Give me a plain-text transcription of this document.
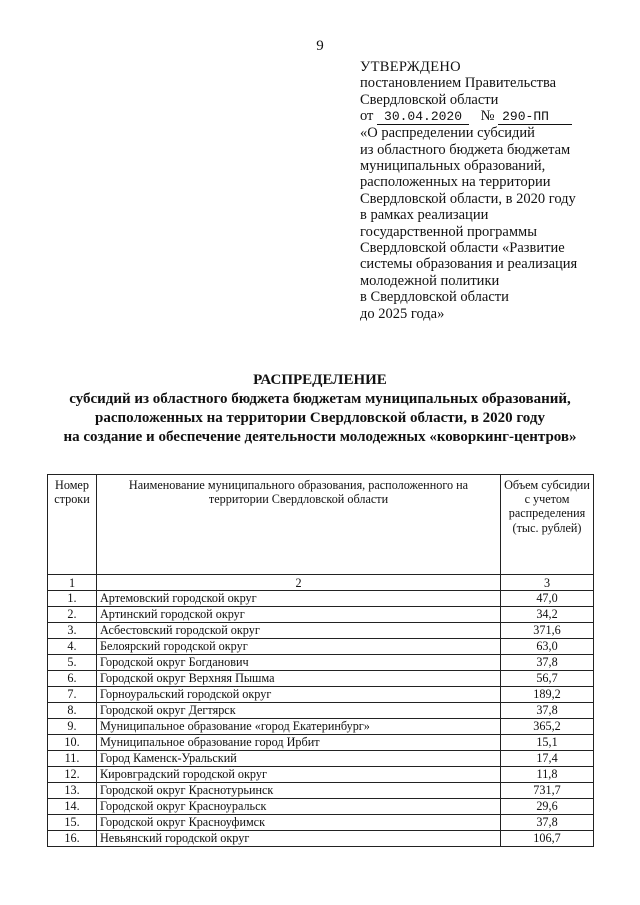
9
УТВЕРЖДЕНО
постановлением Правительства
Свердловской области
от 30.04.2020 № 290-ПП
«О распределении субсидий
из областного бюджета бюджетам
муниципальных образований,
расположенных на территории
Свердловской области, в 2020 году
в рамках реализации
государственной программы
Свердловской области «Развитие
системы образования и реализация
молодежной политики
в Свердловской области
до 2025 года»
РАСПРЕДЕЛЕНИЕ
субсидий из областного бюджета бюджетам муниципальных образований,
расположенных на территории Свердловской области, в 2020 году
на создание и обеспечение деятельности молодежных «коворкинг-центров»
Номер строки	Наименование муниципального образования, расположенного на территории Свердловской области	Объем субсидии с учетом распределения (тыс. рублей)
1	2	3
1.	Артемовский городской округ	47,0
2.	Артинский городской округ	34,2
3.	Асбестовский городской округ	371,6
4.	Белоярский городской округ	63,0
5.	Городской округ Богданович	37,8
6.	Городской округ Верхняя Пышма	56,7
7.	Горноуральский городской округ	189,2
8.	Городской округ Дегтярск	37,8
9.	Муниципальное образование «город Екатеринбург»	365,2
10.	Муниципальное образование город Ирбит	15,1
11.	Город Каменск-Уральский	17,4
12.	Кировградский городской округ	11,8
13.	Городской округ Краснотурьинск	731,7
14.	Городской округ Красноуральск	29,6
15.	Городской округ Красноуфимск	37,8
16.	Невьянский городской округ	106,7
